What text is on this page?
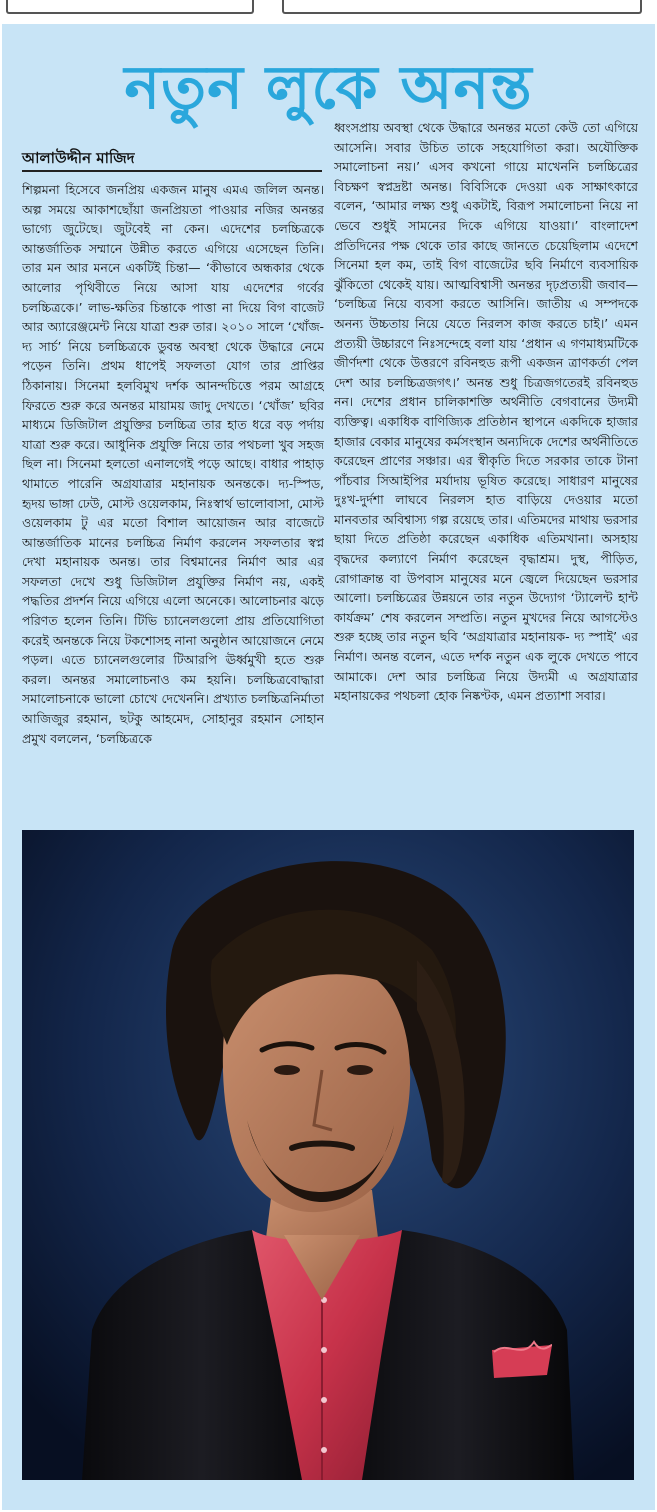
নতুন লুকে অনন্ত
আলাউদ্দীন মাজিদ

শিল্পমনা হিসেবে জনপ্রিয় একজন মানুষ এমএ জলিল অনন্ত। অল্প সময়ে আকাশছোঁয়া জনপ্রিয়তা পাওয়ার নজির অনন্তর ভাগ্যে জুটেছে। জুটবেই না কেন। এদেশের চলচ্চিত্রকে আন্তর্জাতিক সম্মানে উন্নীত করতে এগিয়ে এসেছেন তিনি। তার মন আর মননে একটিই চিন্তা— ‘কীভাবে অন্ধকার থেকে আলোর পৃথিবীতে নিয়ে আসা যায় এদেশের গর্বের চলচ্চিত্রকে।’ লাভ-ক্ষতির চিন্তাকে পাত্তা না দিয়ে বিগ বাজেট আর অ্যারেঞ্জমেন্ট নিয়ে যাত্রা শুরু তার। ২০১০ সালে ‘খোঁজ- দ্য সার্চ’ নিয়ে চলচ্চিত্রকে ডুবন্ত অবস্থা থেকে উদ্ধারে নেমে পড়েন তিনি। প্রথম ধাপেই সফলতা যোগ তার প্রাপ্তির ঠিকানায়। সিনেমা হলবিমুখ দর্শক আনন্দচিত্তে পরম আগ্রহে ফিরতে শুরু করে অনন্তর মায়াময় জাদু দেখতে। ‘খোঁজ’ ছবির মাধ্যমে ডিজিটাল প্রযুক্তির চলচ্চিত্র তার হাত ধরে বড় পর্দায় যাত্রা শুরু করে। আধুনিক প্রযুক্তি নিয়ে তার পথচলা খুব সহজ ছিল না। সিনেমা হলতো এনালগেই পড়ে আছে। বাধার পাহাড় থামাতে পারেনি অগ্রযাত্রার মহানায়ক অনন্তকে। দ্য-স্পিড, হৃদয় ভাঙ্গা ঢেউ, মোস্ট ওয়েলকাম, নিঃস্বার্থ ভালোবাসা, মোস্ট ওয়েলকাম টু এর মতো বিশাল আয়োজন আর বাজেটে আন্তর্জাতিক মানের চলচ্চিত্র নির্মাণ করলেন সফলতার স্বপ্ন দেখা মহানায়ক অনন্ত। তার বিশ্বমানের নির্মাণ আর এর সফলতা দেখে শুধু ডিজিটাল প্রযুক্তির নির্মাণ নয়, একই পদ্ধতির প্রদর্শন নিয়ে এগিয়ে এলো অনেকে। আলোচনার ঝড়ে পরিণত হলেন তিনি। টিভি চ্যানেলগুলো প্রায় প্রতিযোগিতা করেই অনন্তকে নিয়ে টকশোসহ নানা অনুষ্ঠান আয়োজনে নেমে পড়ল। এতে চ্যানেলগুলোর টিআরপি ঊর্ধ্বমুখী হতে শুরু করল। অনন্তর সমালোচনাও কম হয়নি। চলচ্চিত্রবোদ্ধারা সমালোচনাকে ভালো চোখে দেখেননি। প্রখ্যাত চলচ্চিত্রনির্মাতা আজিজুর রহমান, ছটকু আহমেদ, সোহানুর রহমান সোহান প্রমুখ বললেন, ‘চলচ্চিত্রকে

ধ্বংসপ্রায় অবস্থা থেকে উদ্ধারে অনন্তর মতো কেউ তো এগিয়ে আসেনি। সবার উচিত তাকে সহযোগিতা করা। অযৌক্তিক সমালোচনা নয়।’ এসব কখনো গায়ে মাখেননি চলচ্চিত্রের বিচক্ষণ স্বপ্নদ্রষ্টা অনন্ত। বিবিসিকে দেওয়া এক সাক্ষাৎকারে বলেন, ‘আমার লক্ষ্য শুধু একটাই, বিরূপ সমালোচনা নিয়ে না ভেবে শুধুই সামনের দিকে এগিয়ে যাওয়া।’ বাংলাদেশ প্রতিদিনের পক্ষ থেকে তার কাছে জানতে চেয়েছিলাম এদেশে সিনেমা হল কম, তাই বিগ বাজেটের ছবি নির্মাণে ব্যবসায়িক ঝুঁকিতো থেকেই যায়। আত্মবিশ্বাসী অনন্তর দৃঢ়প্রত্যয়ী জবাব— ‘চলচ্চিত্র নিয়ে ব্যবসা করতে আসিনি। জাতীয় এ সম্পদকে অনন্য উচ্চতায় নিয়ে যেতে নিরলস কাজ করতে চাই।’ এমন প্রত্যয়ী উচ্চারণে নিঃসন্দেহে বলা যায় ‘প্রধান এ গণমাধ্যমটিকে জীর্ণদশা থেকে উত্তরণে রবিনহুড রূপী একজন ত্রাণকর্তা পেল দেশ আর চলচ্চিত্রজগৎ।’ অনন্ত শুধু চিত্রজগতেরই রবিনহুড নন। দেশের প্রধান চালিকাশক্তি অর্থনীতি বেগবানের উদ্যমী ব্যক্তিত্ব। একাধিক বাণিজ্যিক প্রতিষ্ঠান স্থাপনে একদিকে হাজার হাজার বেকার মানুষের কর্মসংস্থান অন্যদিকে দেশের অর্থনীতিতে করেছেন প্রাণের সঞ্চার। এর স্বীকৃতি দিতে সরকার তাকে টানা পাঁচবার সিআইপির মর্যাদায় ভূষিত করেছে। সাধারণ মানুষের দুঃখ-দুর্দশা লাঘবে নিরলস হাত বাড়িয়ে দেওয়ার মতো মানবতার অবিশ্বাস্য গল্প রয়েছে তার। এতিমদের মাথায় ভরসার ছায়া দিতে প্রতিষ্ঠা করেছেন একাধিক এতিমখানা। অসহায় বৃদ্ধদের কল্যাণে নির্মাণ করেছেন বৃদ্ধাশ্রম। দুস্থ, পীড়িত, রোগাক্রান্ত বা উপবাস মানুষের মনে জ্বেলে দিয়েছেন ভরসার আলো। চলচ্চিত্রের উন্নয়নে তার নতুন উদ্যোগ ‘ট্যালেন্ট হান্ট কার্যক্রম’ শেষ করলেন সম্প্রতি। নতুন মুখদের নিয়ে আগস্টেও শুরু হচ্ছে তার নতুন ছবি ‘অগ্রযাত্রার মহানায়ক- দ্য স্পাই’ এর নির্মাণ। অনন্ত বলেন, এতে দর্শক নতুন এক লুকে দেখতে পাবে আমাকে। দেশ আর চলচ্চিত্র নিয়ে উদ্যমী এ অগ্রযাত্রার মহানায়কের পথচলা হোক নিষ্কণ্টক, এমন প্রত্যাশা সবার।
